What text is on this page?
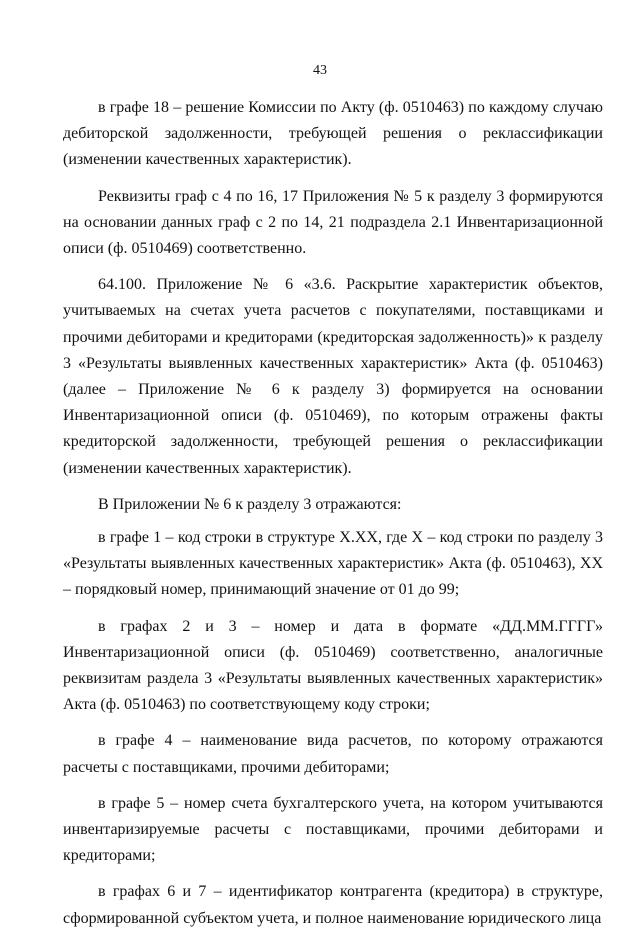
43

в графе 18 – решение Комиссии по Акту (ф. 0510463) по каждому случаю дебиторской задолженности, требующей решения о реклассификации (изменении качественных характеристик).

Реквизиты граф с 4 по 16, 17 Приложения № 5 к разделу 3 формируются на основании данных граф с 2 по 14, 21 подраздела 2.1 Инвентаризационной описи (ф. 0510469) соответственно.

64.100. Приложение № 6 «3.6. Раскрытие характеристик объектов, учитываемых на счетах учета расчетов с покупателями, поставщиками и прочими дебиторами и кредиторами (кредиторская задолженность)» к разделу 3 «Результаты выявленных качественных характеристик» Акта (ф. 0510463) (далее – Приложение № 6 к разделу 3) формируется на основании Инвентаризационной описи (ф. 0510469), по которым отражены факты кредиторской задолженности, требующей решения о реклассификации (изменении качественных характеристик).

В Приложении № 6 к разделу 3 отражаются:

в графе 1 – код строки в структуре Х.ХХ, где Х – код строки по разделу 3 «Результаты выявленных качественных характеристик» Акта (ф. 0510463), ХХ – порядковый номер, принимающий значение от 01 до 99;

в графах 2 и 3 – номер и дата в формате «ДД.ММ.ГГГГ» Инвентаризационной описи (ф. 0510469) соответственно, аналогичные реквизитам раздела 3 «Результаты выявленных качественных характеристик» Акта (ф. 0510463) по соответствующему коду строки;

в графе 4 – наименование вида расчетов, по которому отражаются расчеты с поставщиками, прочими дебиторами;

в графе 5 – номер счета бухгалтерского учета, на котором учитываются инвентаризируемые расчеты с поставщиками, прочими дебиторами и кредиторами;

в графах 6 и 7 – идентификатор контрагента (кредитора) в структуре, сформированной субъектом учета, и полное наименование юридического лица
